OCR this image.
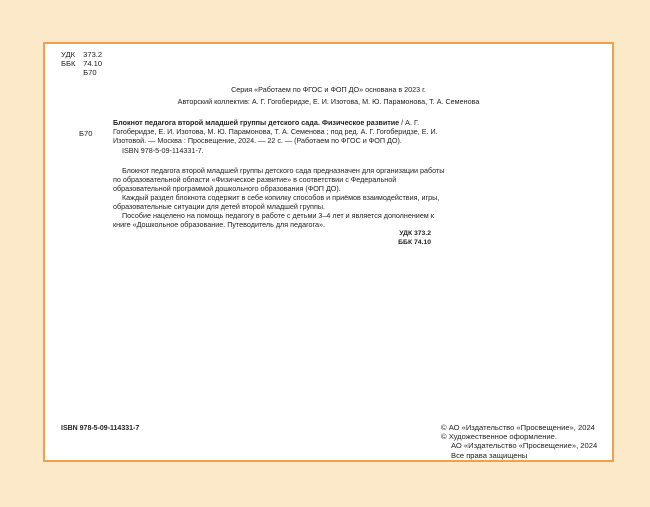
УДК 373.2
ББК 74.10
Б70
Серия «Работаем по ФГОС и ФОП ДО» основана в 2023 г.
Авторский коллектив: А. Г. Гогоберидзе, Е. И. Изотова, М. Ю. Парамонова, Т. А. Семенова
Б70

Блокнот педагога второй младшей группы детского сада. Физическое развитие / А. Г. Гогоберидзе, Е. И. Изотова, М. Ю. Парамонова, Т. А. Семенова ; под ред. А. Г. Гогоберидзе, Е. И. Изотовой. — Москва : Просвещение, 2024. — 22 с. — (Работаем по ФГОС и ФОП ДО).

ISBN 978-5-09-114331-7.

Блокнот педагога второй младшей группы детского сада предназначен для организации работы по образовательной области «Физическое развитие» в соответствии с Федеральной образовательной программой дошкольного образования (ФОП ДО).

Каждый раздел блокнота содержит в себе копилку способов и приёмов взаимодействия, игры, образовательные ситуации для детей второй младшей группы.

Пособие нацелено на помощь педагогу в работе с детьми 3–4 лет и является дополнением к книге «Дошкольное образование. Путеводитель для педагога».

УДК 373.2
ББК 74.10
ISBN 978-5-09-114331-7	© АО «Издательство «Просвещение», 2024
© Художественное оформление.
АО «Издательство «Просвещение», 2024
Все права защищены
